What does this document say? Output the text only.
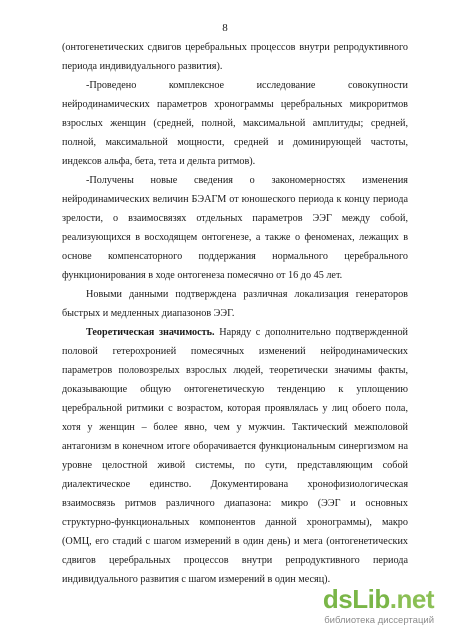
8

(онтогенетических сдвигов церебральных процессов внутри репродуктивного периода индивидуального развития).

-Проведено комплексное исследование совокупности нейродинамических параметров хронограммы церебральных микроритмов взрослых женщин (средней, полной, максимальной амплитуды; средней, полной, максимальной мощности, средней и доминирующей частоты, индексов альфа, бета, тета и дельта ритмов).

-Получены новые сведения о закономерностях изменения нейродинамических величин БЭАГМ от юношеского периода к концу периода зрелости, о взаимосвязях отдельных параметров ЭЭГ между собой, реализующихся в восходящем онтогенезе, а также о феноменах, лежащих в основе компенсаторного поддержания нормального церебрального функционирования в ходе онтогенеза помесячно от 16 до 45 лет.

Новыми данными подтверждена различная локализация генераторов быстрых и медленных диапазонов ЭЭГ.

Теоретическая значимость. Наряду с дополнительно подтвержденной половой гетерохронией помесячных изменений нейродинамических параметров половозрелых взрослых людей, теоретически значимы факты, доказывающие общую онтогенетическую тенденцию к уплощению церебральной ритмики с возрастом, которая проявлялась у лиц обоего пола, хотя у женщин – более явно, чем у мужчин. Тактический межполовой антагонизм в конечном итоге оборачивается функциональным синергизмом на уровне целостной живой системы, по сути, представляющим собой диалектическое единство. Документирована хронофизиологическая взаимосвязь ритмов различного диапазона: микро (ЭЭГ и основных структурно-функциональных компонентов данной хронограммы), макро (ОМЦ, его стадий с шагом измерений в один день) и мега (онтогенетических сдвигов церебральных процессов внутри репродуктивного периода индивидуального развития с шагом измерений в один месяц).

dsLib.net
библиотека диссертаций
